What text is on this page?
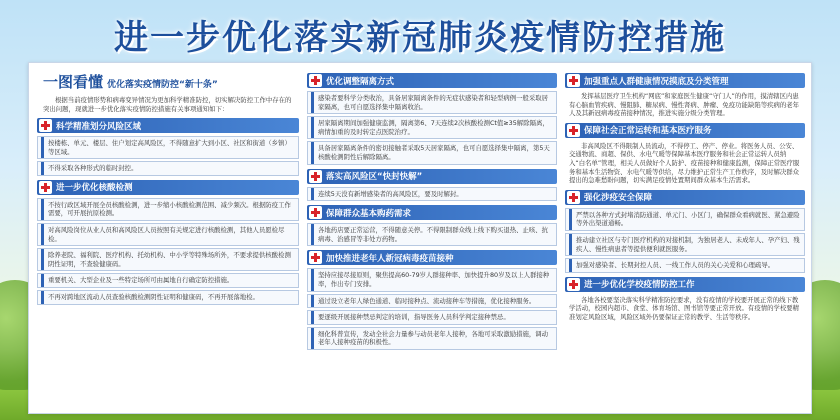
进一步优化落实新冠肺炎疫情防控措施
一图看懂 优化落实疫情防控“新十条”
根据当前疫情形势和病毒变异情况为更加科学精准防控，切实解决防控工作中存在的突出问题，现就进一步优化落实疫情防控措施有关事项通知如下：
科学精准划分风险区域
按楼栋、单元、楼层、住户划定高风险区，不得随意扩大到小区、社区和街道（乡镇）等区域。
不得采取各种形式的临时封控。
进一步优化核酸检测
不按行政区域开展全员核酸检测，进一步缩小核酸检测范围、减少频次。根据防疫工作需要，可开展抗原检测。
对高风险岗位从业人员和高风险区人员按照有关规定进行核酸检测，其他人员愿检尽检。
除养老院、福利院、医疗机构、托幼机构、中小学等特殊场所外，不要求提供核酸检测阴性证明，不查验健康码。
重要机关、大型企业及一些特定场所可由属地自行确定防控措施。
不再对跨地区流动人员查验核酸检测阴性证明和健康码，不再开展落地检。
优化调整隔离方式
感染者要科学分类收治，具备居家隔离条件的无症状感染者和轻型病例一般采取居家隔离，也可自愿选择集中隔离收治。
居家隔离期间加强健康监测，隔离第6、7天连续2次核酸检测Ct值≥35解除隔离，病情加重的及时转定点医院治疗。
具备居家隔离条件的密切接触者采取5天居家隔离，也可自愿选择集中隔离，第5天核酸检测阴性后解除隔离。
落实高风险区“快封快解”
连续5天没有新增感染者的高风险区，要及时解封。
保障群众基本购药需求
各地药店要正常运营，不得随意关停。不得限制群众线上线下购买退热、止咳、抗病毒、治感冒等非处方药物。
加快推进老年人新冠病毒疫苗接种
坚持应接尽接原则，聚焦提高60-79岁人群接种率、加快提升80岁及以上人群接种率，作出专门安排。
通过设立老年人绿色通道、临时接种点、流动接种车等措施，优化接种服务。
要逐级开展接种禁忌判定的培训，指导医务人员科学判定接种禁忌。
细化科普宣传，发动全社会力量参与动员老年人接种，各地可采取激励措施，调动老年人接种疫苗的积极性。
加强重点人群健康情况摸底及分类管理
发挥基层医疗卫生机构“网底”和家庭医生健康“守门人”的作用，摸清辖区内患有心脑血管疾病、慢阻肺、糖尿病、慢性肾病、肿瘤、免疫功能缺陷等疾病的老年人及其新冠病毒疫苗接种情况，推进实施分级分类管理。
保障社会正常运转和基本医疗服务
非高风险区不得限制人员流动，不得停工、停产、停业。将医务人员、公安、交通物流、商超、保供、水电气暖等保障基本医疗服务和社会正常运转人员纳入“白名单”管理，相关人员做好个人防护、疫苗接种和健康监测，保障正常医疗服务和基本生活物资、水电气暖等供给，尽力维护正常生产工作秩序，及时解决群众提出的急难愁盼问题，切实满足疫情处置期间群众基本生活需求。
强化涉疫安全保障
严禁以各种方式封堵消防通道、单元门、小区门，确保群众看病就医、紧急避险等外出渠道通畅。
推动建立社区与专门医疗机构的对接机制，为独居老人、未成年人、孕产妇、残疾人、慢性病患者等提供便利就医服务。
加强对感染者、长期封控人员、一线工作人员的关心关爱和心理疏导。
进一步优化学校疫情防控工作
各地各校要坚决落实科学精准防控要求，没有疫情的学校要开展正常的线下教学活动，校园内超市、食堂、体育场馆、图书馆等要正常开放。有疫情的学校要精准划定风险区域，风险区域外仍要保证正常的教学、生活等秩序。
